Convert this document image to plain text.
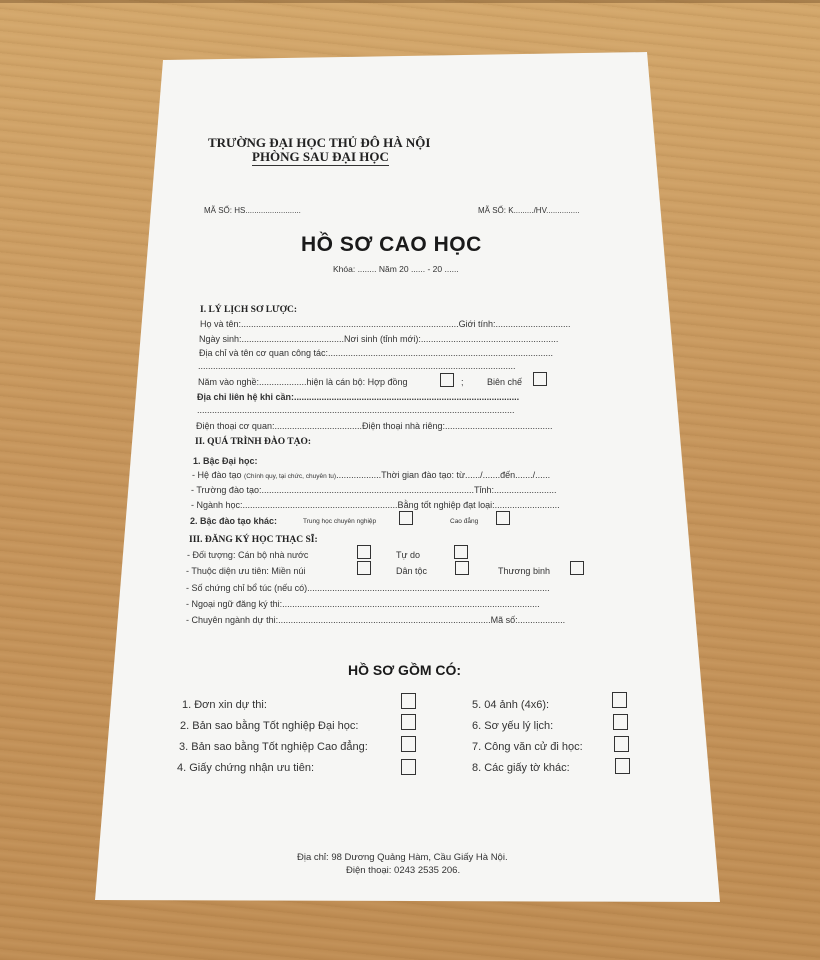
TRƯỜNG ĐẠI HỌC THỦ ĐÔ HÀ NỘI
PHÒNG SAU ĐẠI HỌC
MÃ SỐ: HS.........................	MÃ SỐ: K........./HV...............
HỒ SƠ CAO HỌC
Khóa: ........ Năm 20 ...... - 20 ......
I. LÝ LỊCH SƠ LƯỢC:
Họ và tên:.......................................................................................Giới tính:..............................
Ngày sinh:.........................................Nơi sinh (tỉnh mới):.......................................................
Địa chỉ và tên cơ quan công tác:..........................................................................................
...............................................................................................................................
Năm vào nghề:...................hiện là cán bộ: Hợp đồng	;	Biên chế
Địa chỉ liên hệ khi cần:..........................................................................................
...............................................................................................................................
Điện thoại cơ quan:...................................Điện thoại nhà riêng:...........................................
II. QUÁ TRÌNH ĐÀO TẠO:
1. Bậc Đại học:
- Hệ đào tạo (Chính quy, tại chức, chuyên tu)..................Thời gian đào tạo: từ....../.......đến......./......
- Trường đào tạo:.....................................................................................Tỉnh:.........................
- Ngành học:..............................................................Bằng tốt nghiệp đạt loại:..........................
2. Bậc đào tạo khác:	Trung học chuyên nghiệp	Cao đẳng
III. ĐĂNG KÝ HỌC THẠC SĨ:
- Đối tượng: Cán bộ nhà nước	Tự do
- Thuộc diện ưu tiên: Miền núi	Dân tộc	Thương binh
- Số chứng chỉ bổ túc (nếu có).................................................................................................
- Ngoại ngữ đăng ký thi:.......................................................................................................
- Chuyên ngành dự thi:.....................................................................................Mã số:...................
HỒ SƠ GỒM CÓ:
1. Đơn xin dự thi:
2. Bản sao bằng Tốt nghiệp Đại học:
3. Bản sao bằng Tốt nghiệp Cao đẳng:
4. Giấy chứng nhận ưu tiên:
5. 04 ảnh (4x6):
6. Sơ yếu lý lịch:
7. Công văn cử đi học:
8. Các giấy tờ khác:
Địa chỉ: 98 Dương Quảng Hàm, Cầu Giấy Hà Nội.
Điện thoại: 0243 2535 206.
